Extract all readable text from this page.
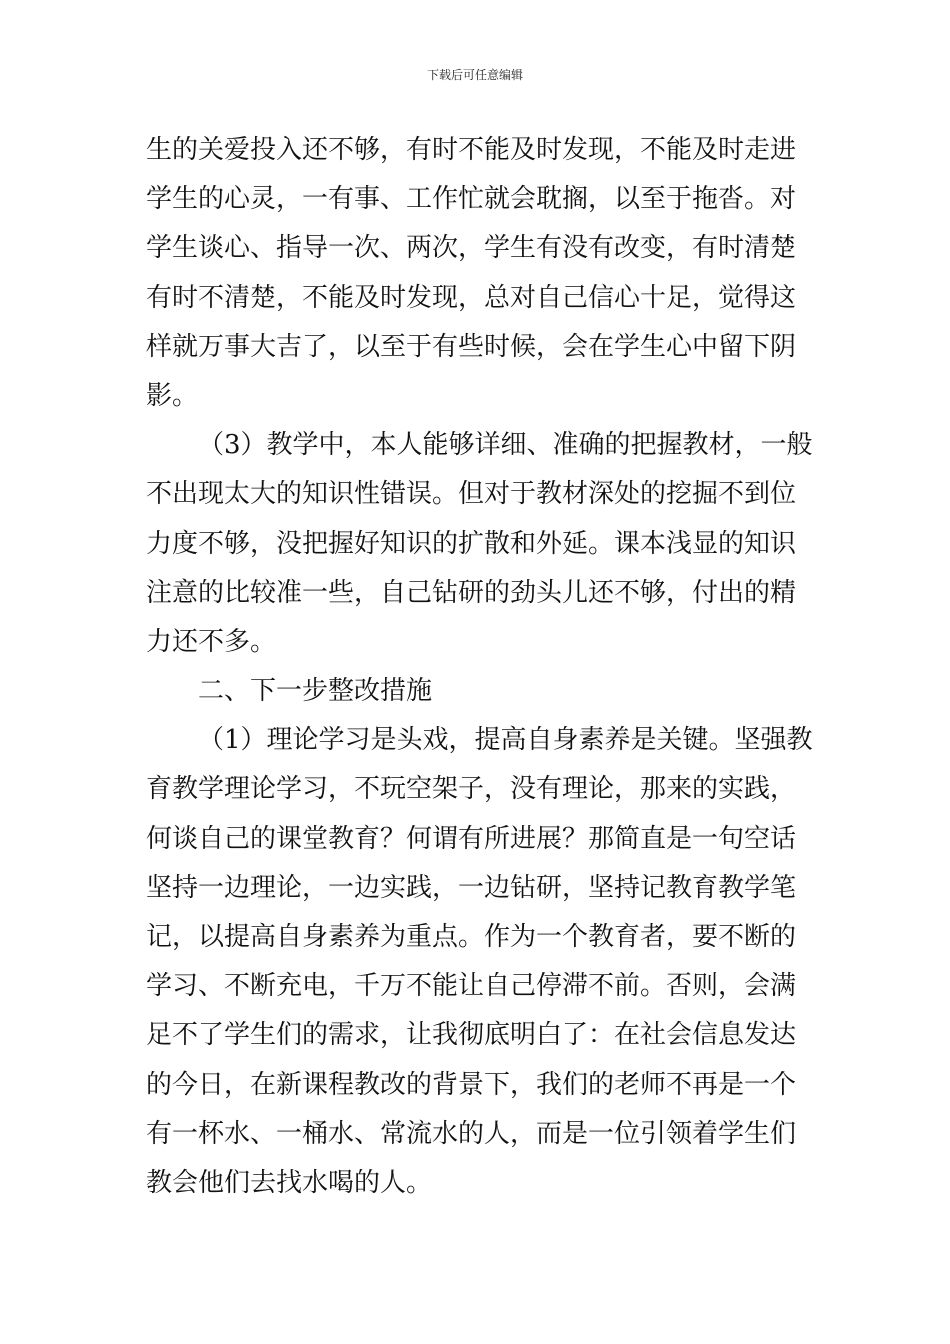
下载后可任意编辑
生的关爱投入还不够，有时不能及时发现，不能及时走进
学生的心灵，一有事、工作忙就会耽搁，以至于拖沓。对
学生谈心、指导一次、两次，学生有没有改变，有时清楚
有时不清楚，不能及时发现，总对自己信心十足，觉得这
样就万事大吉了，以至于有些时候，会在学生心中留下阴
影。
（3）教学中，本人能够详细、准确的把握教材，一般
不出现太大的知识性错误。但对于教材深处的挖掘不到位
力度不够，没把握好知识的扩散和外延。课本浅显的知识
注意的比较准一些，自己钻研的劲头儿还不够，付出的精
力还不多。
二、下一步整改措施
（1）理论学习是头戏，提高自身素养是关键。坚强教
育教学理论学习，不玩空架子，没有理论，那来的实践，
何谈自己的课堂教育？何谓有所进展？那简直是一句空话
坚持一边理论，一边实践，一边钻研，坚持记教育教学笔
记，以提高自身素养为重点。作为一个教育者，要不断的
学习、不断充电，千万不能让自己停滞不前。否则，会满
足不了学生们的需求，让我彻底明白了：在社会信息发达
的今日，在新课程教改的背景下，我们的老师不再是一个
有一杯水、一桶水、常流水的人，而是一位引领着学生们
教会他们去找水喝的人。
